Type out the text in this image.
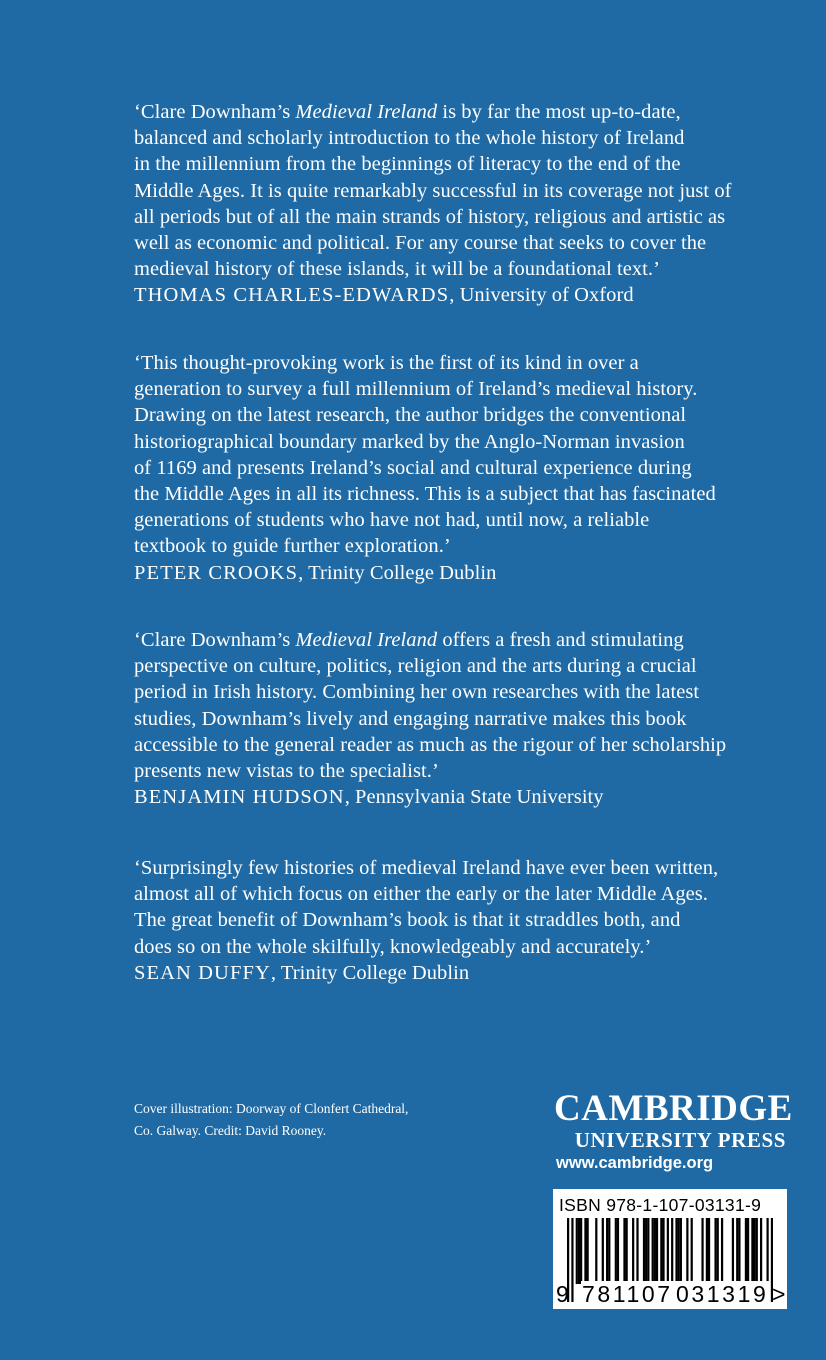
‘Clare Downham’s Medieval Ireland is by far the most up-to-date,
balanced and scholarly introduction to the whole history of Ireland
in the millennium from the beginnings of literacy to the end of the
Middle Ages. It is quite remarkably successful in its coverage not just of
all periods but of all the main strands of history, religious and artistic as
well as economic and political. For any course that seeks to cover the
medieval history of these islands, it will be a foundational text.’

THOMAS CHARLES-EDWARDS, University of Oxford

‘This thought-provoking work is the first of its kind in over a
generation to survey a full millennium of Ireland’s medieval history.
Drawing on the latest research, the author bridges the conventional
historiographical boundary marked by the Anglo-Norman invasion
of 1169 and presents Ireland’s social and cultural experience during
the Middle Ages in all its richness. This is a subject that has fascinated
generations of students who have not had, until now, a reliable
textbook to guide further exploration.’

PETER CROOKS, Trinity College Dublin

‘Clare Downham’s Medieval Ireland offers a fresh and stimulating
perspective on culture, politics, religion and the arts during a crucial
period in Irish history. Combining her own researches with the latest
studies, Downham’s lively and engaging narrative makes this book
accessible to the general reader as much as the rigour of her scholarship
presents new vistas to the specialist.’

BENJAMIN HUDSON, Pennsylvania State University

‘Surprisingly few histories of medieval Ireland have ever been written,
almost all of which focus on either the early or the later Middle Ages.
The great benefit of Downham’s book is that it straddles both, and
does so on the whole skilfully, knowledgeably and accurately.’

SEAN DUFFY, Trinity College Dublin

Cover illustration: Doorway of Clonfert Cathedral,
Co. Galway. Credit: David Rooney.
CAMBRIDGE
UNIVERSITY PRESS
www.cambridge.org
ISBN 978-1-107-03131-9
9 781107 031319 >
